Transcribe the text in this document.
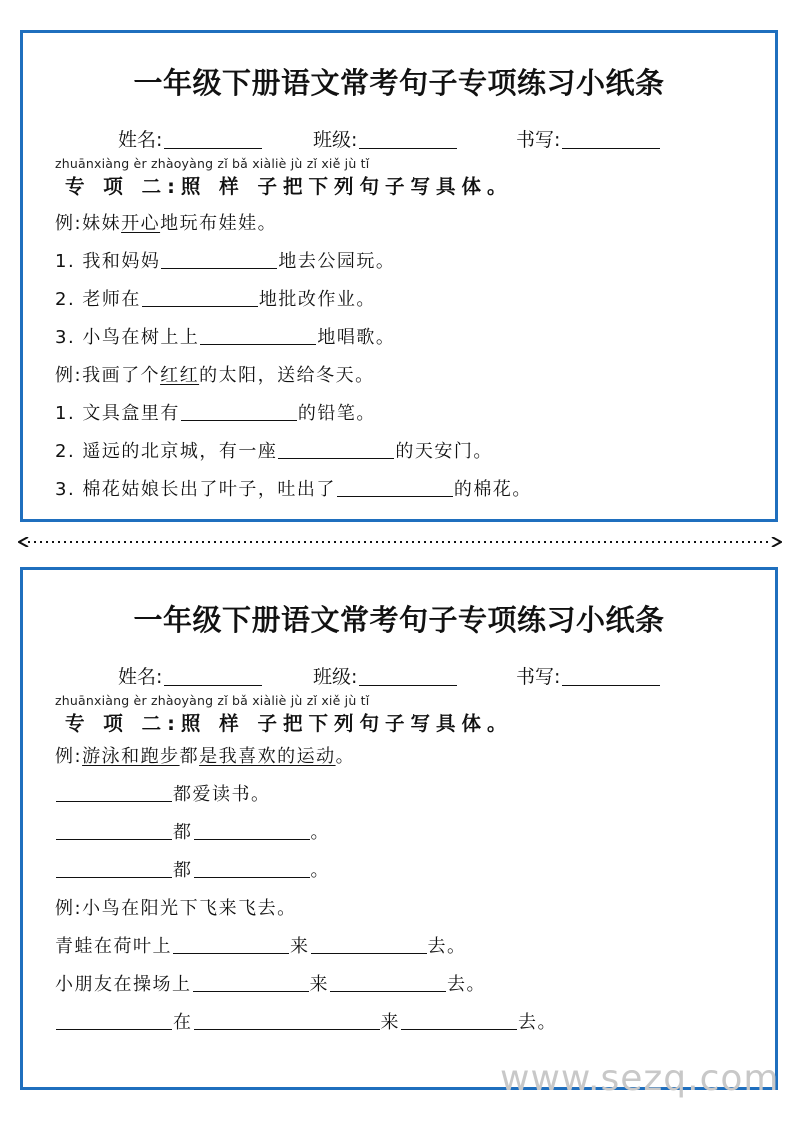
一年级下册语文常考句子专项练习小纸条
姓名:	班级:	书写:
zhuānxiàng èr zhàoyàng zǐ bǎ xiàliè jù zǐ xiě jù tǐ
专 项 二:照 样 子把下列句子写具体。
例:妹妹开心地玩布娃娃。
1. 我和妈妈	地去公园玩。
2. 老师在	地批改作业。
3. 小鸟在树上上	地唱歌。
例:我画了个红红的太阳，送给冬天。
1. 文具盒里有	的铅笔。
2. 遥远的北京城，有一座	的天安门。
3. 棉花姑娘长出了叶子，吐出了	的棉花。
一年级下册语文常考句子专项练习小纸条
姓名:	班级:	书写:
zhuānxiàng èr zhàoyàng zǐ bǎ xiàliè jù zǐ xiě jù tǐ
专 项 二:照 样 子把下列句子写具体。
例:游泳和跑步都是我喜欢的运动。
都爱读书。
都	。
都	。
例:小鸟在阳光下飞来飞去。
青蛙在荷叶上	来	去。
小朋友在操场上	来	去。
在	来	去。
www.sezq.com
